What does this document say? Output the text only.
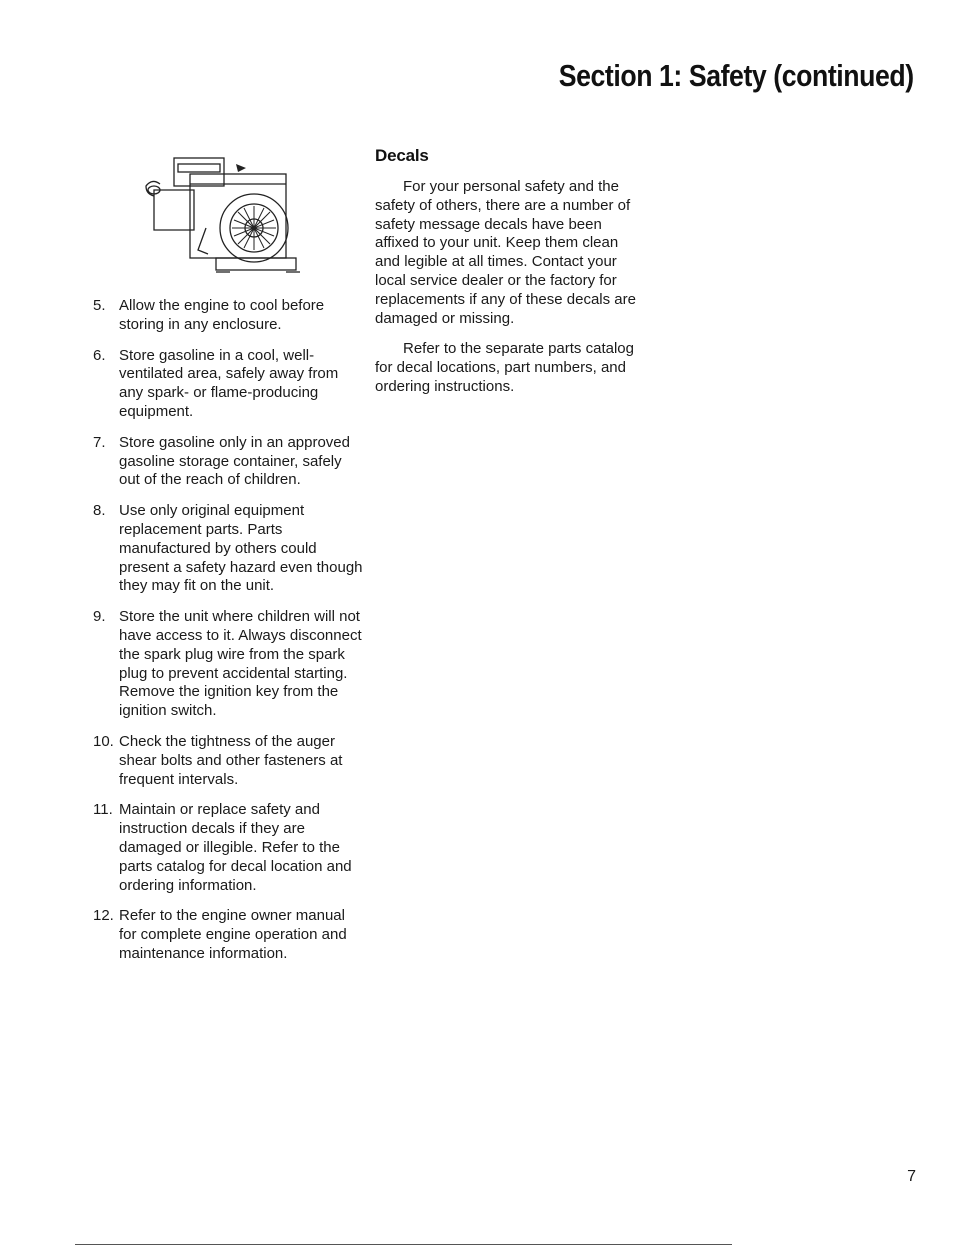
Section 1: Safety (continued)
5. Allow the engine to cool before storing in any enclosure.
6. Store gasoline in a cool, well-ventilated area, safely away from any spark- or flame-producing equipment.
7. Store gasoline only in an approved gasoline storage container, safely out of the reach of children.
8. Use only original equipment replacement parts. Parts manufactured by others could present a safety hazard even though they may fit on the unit.
9. Store the unit where children will not have access to it. Always disconnect the spark plug wire from the spark plug to prevent accidental starting. Remove the ignition key from the ignition switch.
10. Check the tightness of the auger shear bolts and other fasteners at frequent intervals.
11. Maintain or replace safety and instruction decals if they are damaged or illegible. Refer to the parts catalog for decal location and ordering information.
12. Refer to the engine owner manual for complete engine operation and maintenance information.
Decals

For your personal safety and the safety of others, there are a number of safety message decals have been affixed to your unit. Keep them clean and legible at all times. Contact your local service dealer or the factory for replacements if any of these decals are damaged or missing.

Refer to the separate parts catalog for decal locations, part numbers, and ordering instructions.

7
